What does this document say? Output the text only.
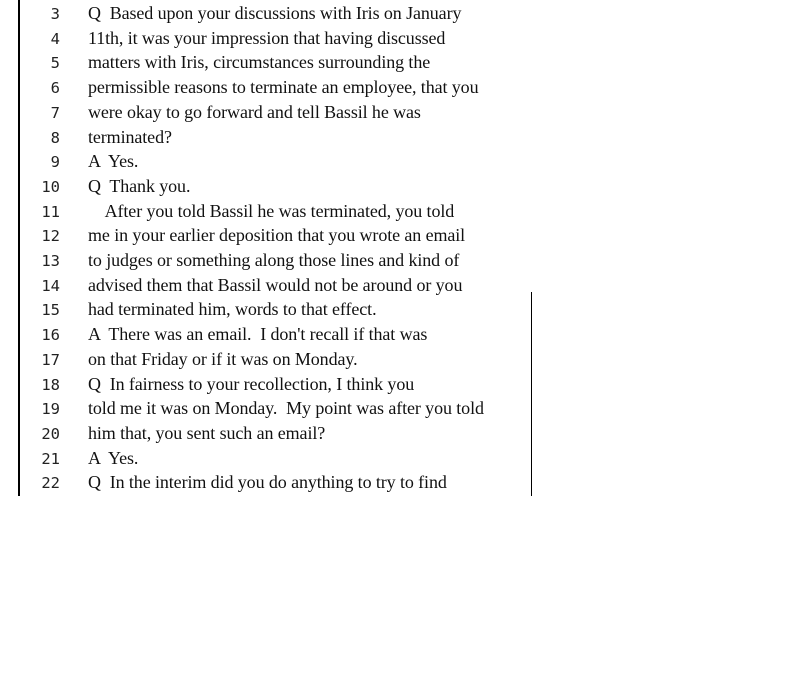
3 Q  Based upon your discussions with Iris on January
4 11th, it was your impression that having discussed
5 matters with Iris, circumstances surrounding the
6 permissible reasons to terminate an employee, that you
7 were okay to go forward and tell Bassil he was
8 terminated?
9 A  Yes.
10 Q  Thank you.
11 After you told Bassil he was terminated, you told
12 me in your earlier deposition that you wrote an email
13 to judges or something along those lines and kind of
14 advised them that Bassil would not be around or you
15 had terminated him, words to that effect.
16 A  There was an email.  I don't recall if that was
17 on that Friday or if it was on Monday.
18 Q  In fairness to your recollection, I think you
19 told me it was on Monday.  My point was after you told
20 him that, you sent such an email?
21 A  Yes.
22 Q  In the interim did you do anything to try to find
